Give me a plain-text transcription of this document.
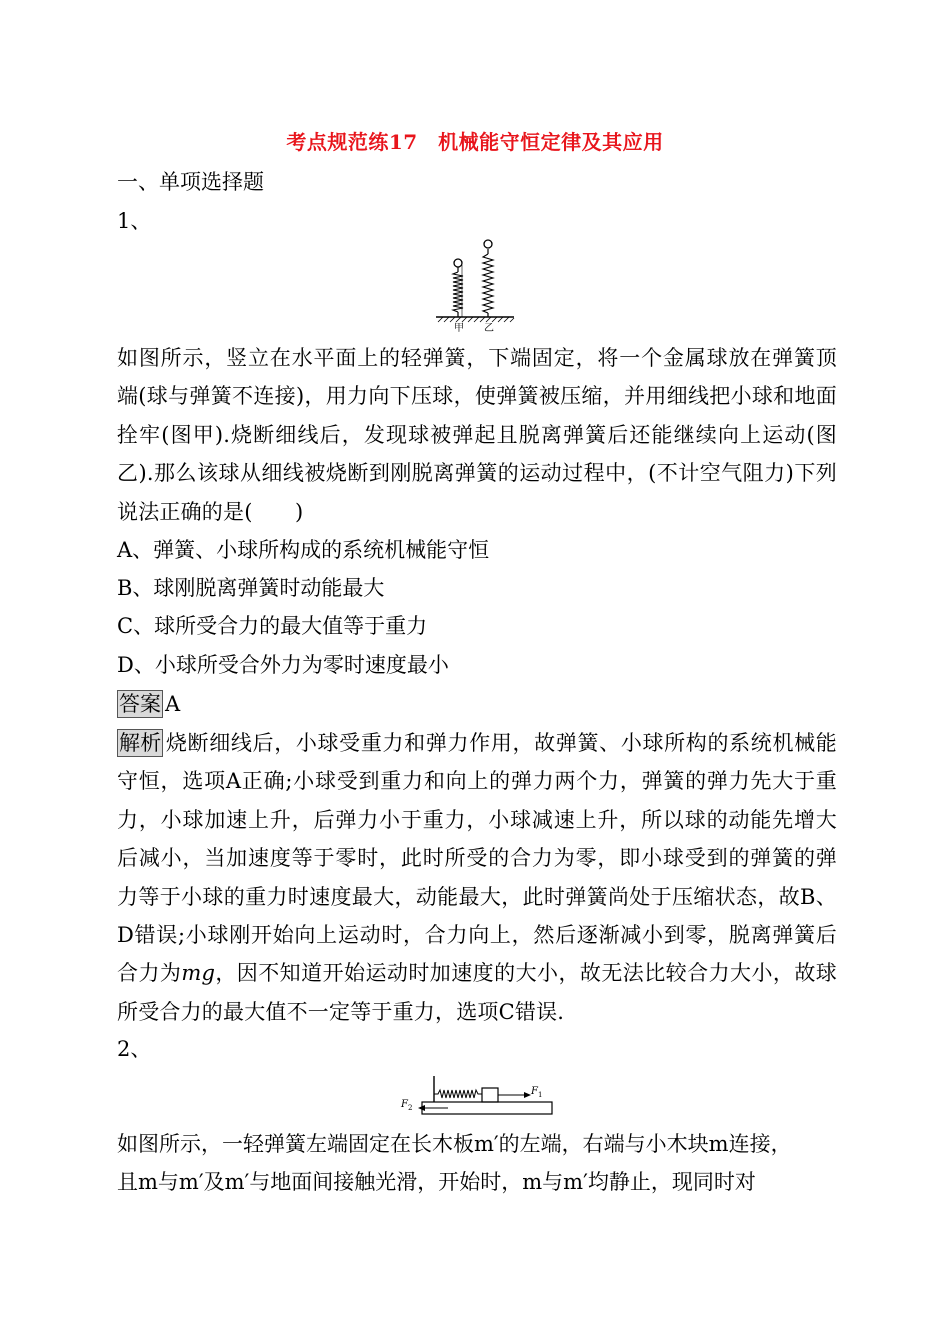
考点规范练17　机械能守恒定律及其应用
一、单项选择题
1、
甲 乙
如图所示，竖立在水平面上的轻弹簧，下端固定，将一个金属球放在弹簧顶端(球与弹簧不连接)，用力向下压球，使弹簧被压缩，并用细线把小球和地面拴牢(图甲).烧断细线后，发现球被弹起且脱离弹簧后还能继续向上运动(图乙).那么该球从细线被烧断到刚脱离弹簧的运动过程中，(不计空气阻力)下列说法正确的是(　　)
A、弹簧、小球所构成的系统机械能守恒
B、球刚脱离弹簧时动能最大
C、球所受合力的最大值等于重力
D、小球所受合外力为零时速度最小
答案 A
解析 烧断细线后，小球受重力和弹力作用，故弹簧、小球所构的系统机械能守恒，选项A正确;小球受到重力和向上的弹力两个力，弹簧的弹力先大于重力，小球加速上升，后弹力小于重力，小球减速上升，所以球的动能先增大后减小，当加速度等于零时，此时所受的合力为零，即小球受到的弹簧的弹力等于小球的重力时速度最大，动能最大，此时弹簧尚处于压缩状态，故B、D错误;小球刚开始向上运动时，合力向上，然后逐渐减小到零，脱离弹簧后合力为mg，因不知道开始运动时加速度的大小，故无法比较合力大小，故球所受合力的最大值不一定等于重力，选项C错误.
2、
F 1
F 2
如图所示，一轻弹簧左端固定在长木板m′的左端，右端与小木块m连接，
且m与m′及m′与地面间接触光滑，开始时，m与m′均静止，现同时对
